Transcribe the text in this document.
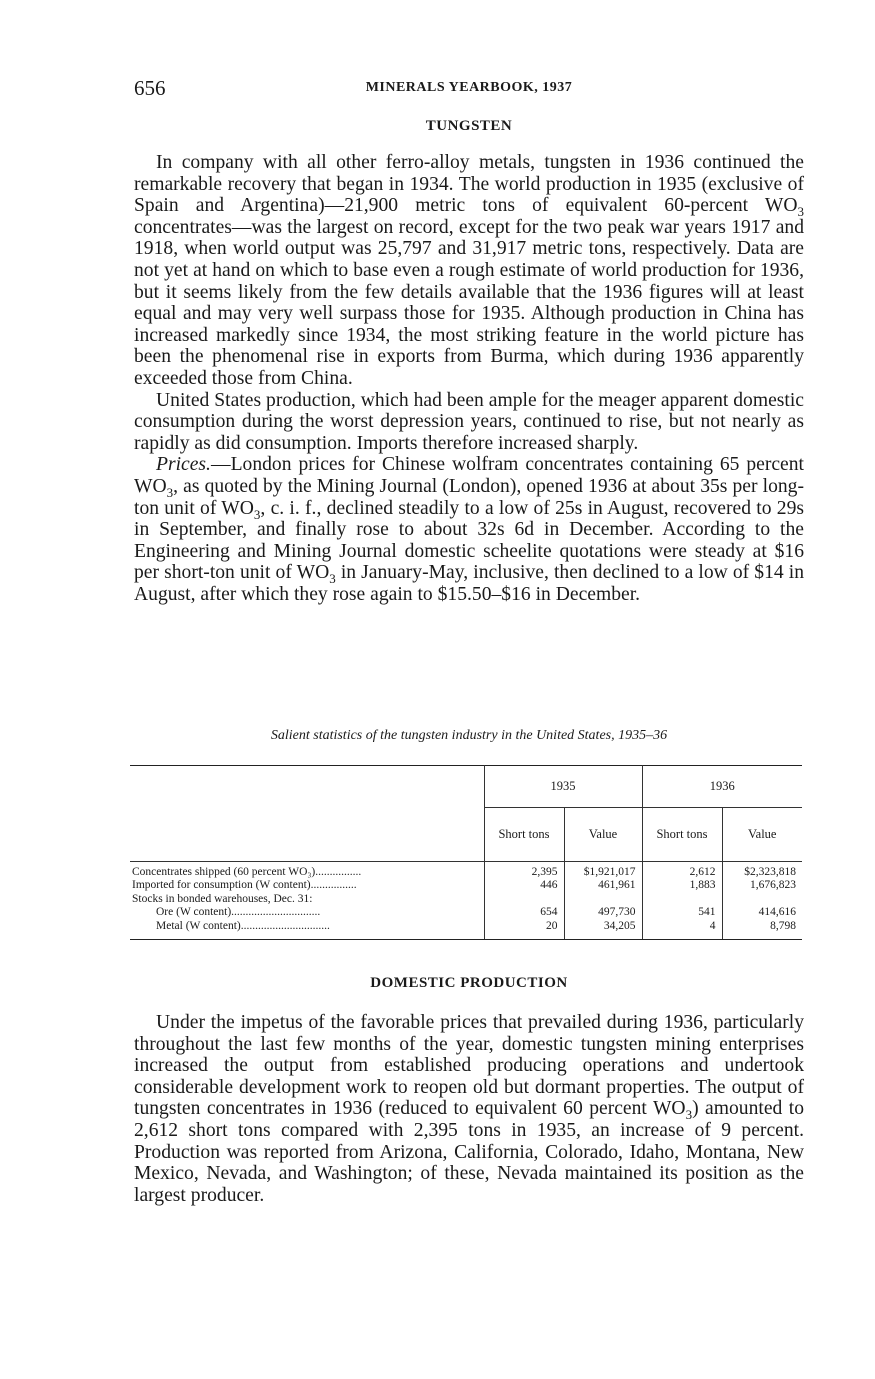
656	MINERALS YEARBOOK, 1937
TUNGSTEN

In company with all other ferro-alloy metals, tungsten in 1936 continued the remarkable recovery that began in 1934. The world production in 1935 (exclusive of Spain and Argentina)—21,900 metric tons of equivalent 60-percent $WO_3$ concentrates—was the largest on record, except for the two peak war years 1917 and 1918, when world output was 25,797 and 31,917 metric tons, respectively. Data are not yet at hand on which to base even a rough estimate of world production for 1936, but it seems likely from the few details available that the 1936 figures will at least equal and may very well surpass those for 1935. Although production in China has increased markedly since 1934, the most striking feature in the world picture has been the phenomenal rise in exports from Burma, which during 1936 apparently exceeded those from China.

United States production, which had been ample for the meager apparent domestic consumption during the worst depression years, continued to rise, but not nearly as rapidly as did consumption. Imports therefore increased sharply.

Prices.—London prices for Chinese wolfram concentrates containing 65 percent $WO_3$, as quoted by the Mining Journal (London), opened 1936 at about 35s per long-ton unit of $WO_3$, c. i. f., declined steadily to a low of 25s in August, recovered to 29s in September, and finally rose to about 32s 6d in December. According to the Engineering and Mining Journal domestic scheelite quotations were steady at $16 per short-ton unit of $WO_3$ in January-May, inclusive, then declined to a low of $14 in August, after which they rose again to $15.50–$16 in December.

Salient statistics of the tungsten industry in the United States, 1935–36
	1935		1936	
	Short tons	Value	Short tons	Value

Concentrates shipped (60 percent WO₃)................	2,395	$1,921,017	2,612	$2,323,818
Imported for consumption (W content)................	446	461,961	1,883	1,676,823
Stocks in bonded warehouses, Dec. 31:				
Ore (W content)...............................	654	497,730	541	414,616
Metal (W content)...............................	20	34,205	4	8,798

DOMESTIC PRODUCTION

Under the impetus of the favorable prices that prevailed during 1936, particularly throughout the last few months of the year, domestic tungsten mining enterprises increased the output from established producing operations and undertook considerable development work to reopen old but dormant properties. The output of tungsten concentrates in 1936 (reduced to equivalent 60 percent $WO_3$) amounted to 2,612 short tons compared with 2,395 tons in 1935, an increase of 9 percent. Production was reported from Arizona, California, Colorado, Idaho, Montana, New Mexico, Nevada, and Washington; of these, Nevada maintained its position as the largest producer.
